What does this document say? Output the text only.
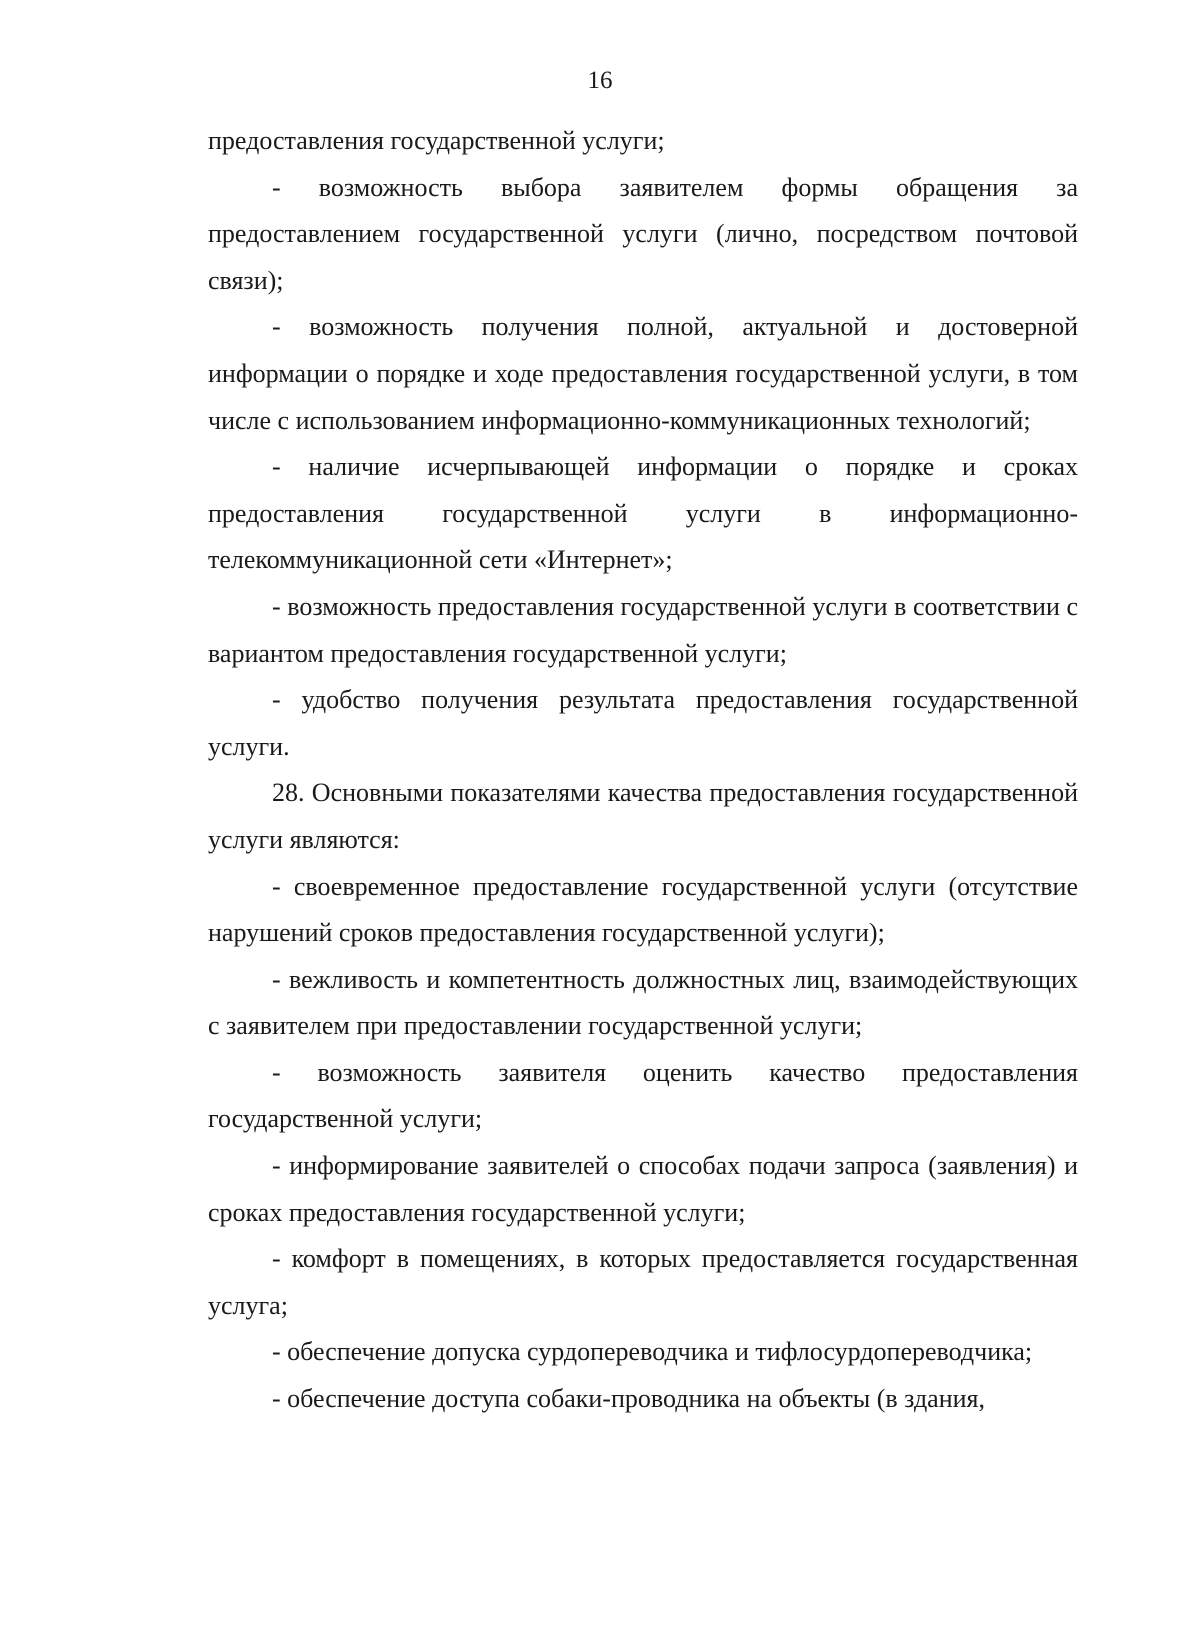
16

предоставления государственной услуги;

- возможность выбора заявителем формы обращения за предоставлением государственной услуги (лично, посредством почтовой связи);

- возможность получения полной, актуальной и достоверной информации о порядке и ходе предоставления государственной услуги, в том числе с использованием информационно-коммуникационных технологий;

- наличие исчерпывающей информации о порядке и сроках предоставления государственной услуги в информационно-телекоммуникационной сети «Интернет»;

- возможность предоставления государственной услуги в соответствии с вариантом предоставления государственной услуги;

- удобство получения результата предоставления государственной услуги.

28. Основными показателями качества предоставления государственной услуги являются:

- своевременное предоставление государственной услуги (отсутствие нарушений сроков предоставления государственной услуги);

- вежливость и компетентность должностных лиц, взаимодействующих с заявителем при предоставлении государственной услуги;

- возможность заявителя оценить качество предоставления государственной услуги;

- информирование заявителей о способах подачи запроса (заявления) и сроках предоставления государственной услуги;

- комфорт в помещениях, в которых предоставляется государственная услуга;

- обеспечение допуска сурдопереводчика и тифлосурдопереводчика;

- обеспечение доступа собаки-проводника на объекты (в здания,
